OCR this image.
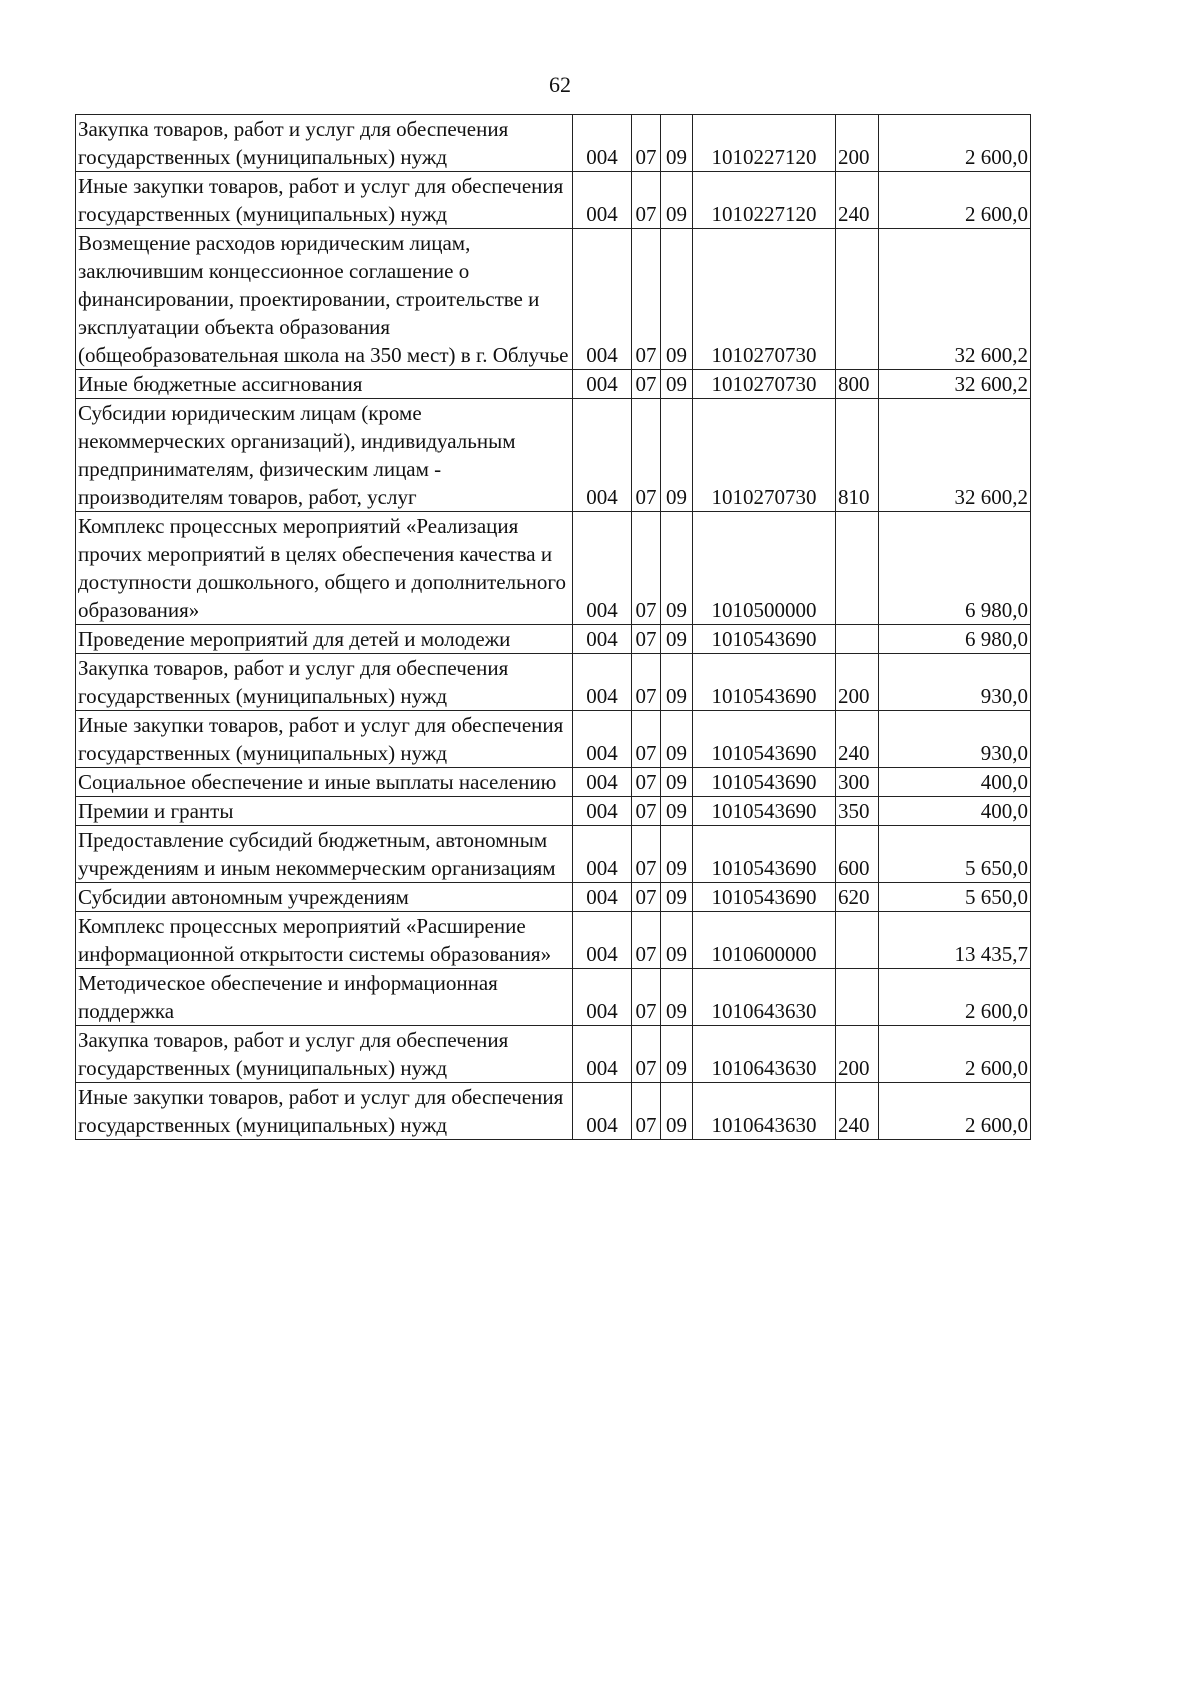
62
Закупка товаров, работ и услуг для обеспечения государственных (муниципальных) нужд	004	07	09	1010227120	200	2 600,0
Иные закупки товаров, работ и услуг для обеспечения государственных (муниципальных) нужд	004	07	09	1010227120	240	2 600,0
Возмещение расходов юридическим лицам, заключившим концессионное соглашение о финансировании, проектировании, строительстве и эксплуатации объекта образования (общеобразовательная школа на 350 мест) в г. Облучье	004	07	09	1010270730		32 600,2
Иные бюджетные ассигнования	004	07	09	1010270730	800	32 600,2
Субсидии юридическим лицам (кроме некоммерческих организаций), индивидуальным предпринимателям, физическим лицам - производителям товаров, работ, услуг	004	07	09	1010270730	810	32 600,2
Комплекс процессных мероприятий «Реализация прочих мероприятий в целях обеспечения качества и доступности дошкольного, общего и дополнительного образования»	004	07	09	1010500000		6 980,0
Проведение мероприятий для детей и молодежи	004	07	09	1010543690		6 980,0
Закупка товаров, работ и услуг для обеспечения государственных (муниципальных) нужд	004	07	09	1010543690	200	930,0
Иные закупки товаров, работ и услуг для обеспечения государственных (муниципальных) нужд	004	07	09	1010543690	240	930,0
Социальное обеспечение и иные выплаты населению	004	07	09	1010543690	300	400,0
Премии и гранты	004	07	09	1010543690	350	400,0
Предоставление субсидий бюджетным, автономным учреждениям и иным некоммерческим организациям	004	07	09	1010543690	600	5 650,0
Субсидии автономным учреждениям	004	07	09	1010543690	620	5 650,0
Комплекс процессных мероприятий «Расширение информационной открытости системы образования»	004	07	09	1010600000		13 435,7
Методическое обеспечение и информационная поддержка	004	07	09	1010643630		2 600,0
Закупка товаров, работ и услуг для обеспечения государственных (муниципальных) нужд	004	07	09	1010643630	200	2 600,0
Иные закупки товаров, работ и услуг для обеспечения государственных (муниципальных) нужд	004	07	09	1010643630	240	2 600,0
